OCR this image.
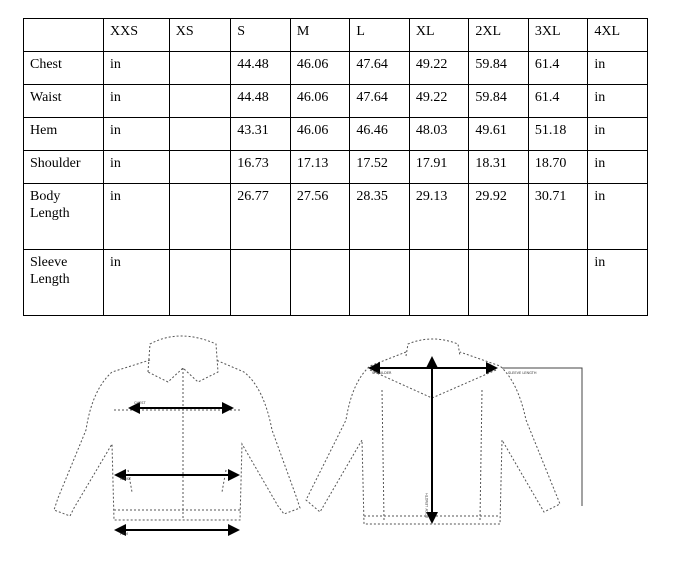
	XXS	XS	S	M	L	XL	2XL	3XL	4XL
Chest	in		44.48	46.06	47.64	49.22	59.84	61.4	in
Waist	in		44.48	46.06	47.64	49.22	59.84	61.4	in
Hem	in		43.31	46.06	46.46	48.03	49.61	51.18	in
Shoulder	in		16.73	17.13	17.52	17.91	18.31	18.70	in
Body Length	in		26.77	27.56	28.35	29.13	29.92	30.71	in
Sleeve Length	in								in
CHEST
WAIST
HEM
SHOULDER
BODY LENGTH
SLEEVE LENGTH
